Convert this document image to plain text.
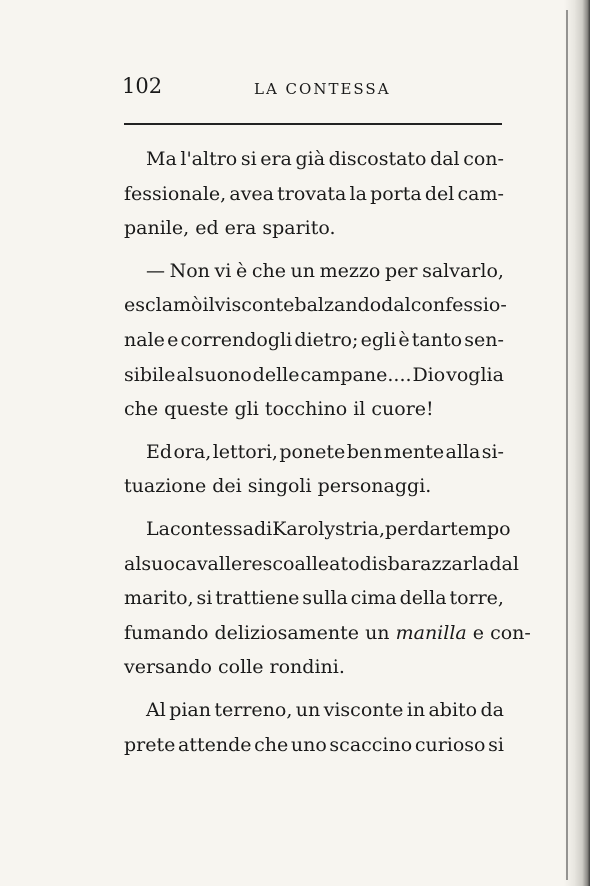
102	LA CONTESSA
Ma l'altro si era già discostato dal con-
fessionale, avea trovata la porta del cam-
panile, ed era sparito.
— Non vi è che un mezzo per salvarlo,
esclamò il visconte balzando dal confessio-
nale e correndogli dietro; egli è tanto sen-
sibile al suono delle campane.... Dio voglia
che queste gli tocchino il cuore!
Ed ora, lettori, ponete ben mente alla si-
tuazione dei singoli personaggi.
La contessa di Karolystria, per dar tempo
al suo cavalleresco alleato di sbarazzarla dal
marito, si trattiene sulla cima della torre,
fumando deliziosamente un
manilla
e con-
versando colle rondini.
Al pian terreno, un visconte in abito da
prete attende che uno scaccino curioso si
